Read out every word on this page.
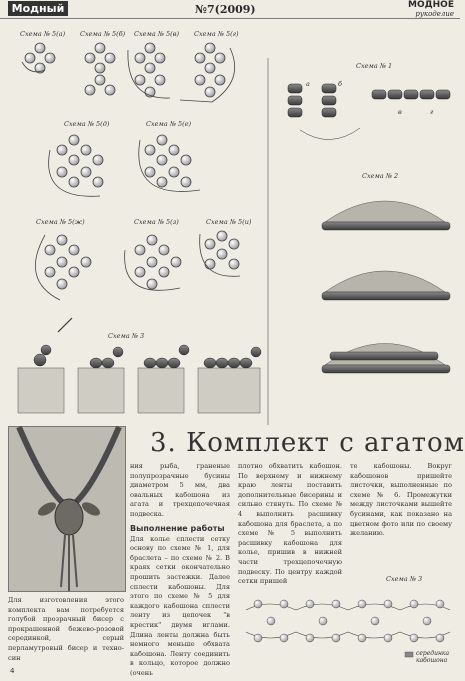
Модный	№7(2009)	МОДНОЕ
рукоделие
Схема № 5(а) Схема № 5(б) Схема № 5(в) Схема № 5(г)
Схема № 5(д)	Схема № 5(е)
Схема № 5(ж)	Схема № 5(з)	Схема № 5(и)
Схема № 3
Схема № 1
Схема № 2
а	б
в	г
3. Комплект с агатом
Для изготовления этого комплекта вам потребуется голубой прозрачный бисер с прокрашенной бежево-розовой серединкой, серый перламутровый бисер и техно-син
ния рыба, граненые полупрозрачные бусины диаметром 5 мм, два овальных кабошона из агата и трехцепочечная подвеска.
Выполнение работы
Для колье сплести сетку основу по схеме № 1, для браслета – по схеме № 2. В краях сетки окончательно прошить застежки. Далее сплести кабошоны. Для этого по схеме № 5 для каждого кабошона сплести ленту из цепочек "в крестик" двумя иглами. Длина ленты должна быть немного меньше обхвата кабошона. Ленту соединить в кольцо, которое должно (очень
плотно обхватить кабошон. По верхнему и нижнему краю ленты поставить дополнительные бисерины и сильно стянуть. По схеме № 4 выполнить расшивку кабошона для браслета, а по схеме № 5 выполнить расшивку кабошона для колье, пришив в нижней части трехцепочечную подвеску. По центру каждой сетки пришей
те кабошоны. Вокруг кабошонов пришейте листочки, выполненные по схеме № 6. Промежутки между листочками вышейте бусинами, как показано на цветном фото или по своему желанию.
Схема № 3
серединка кабошона
4
